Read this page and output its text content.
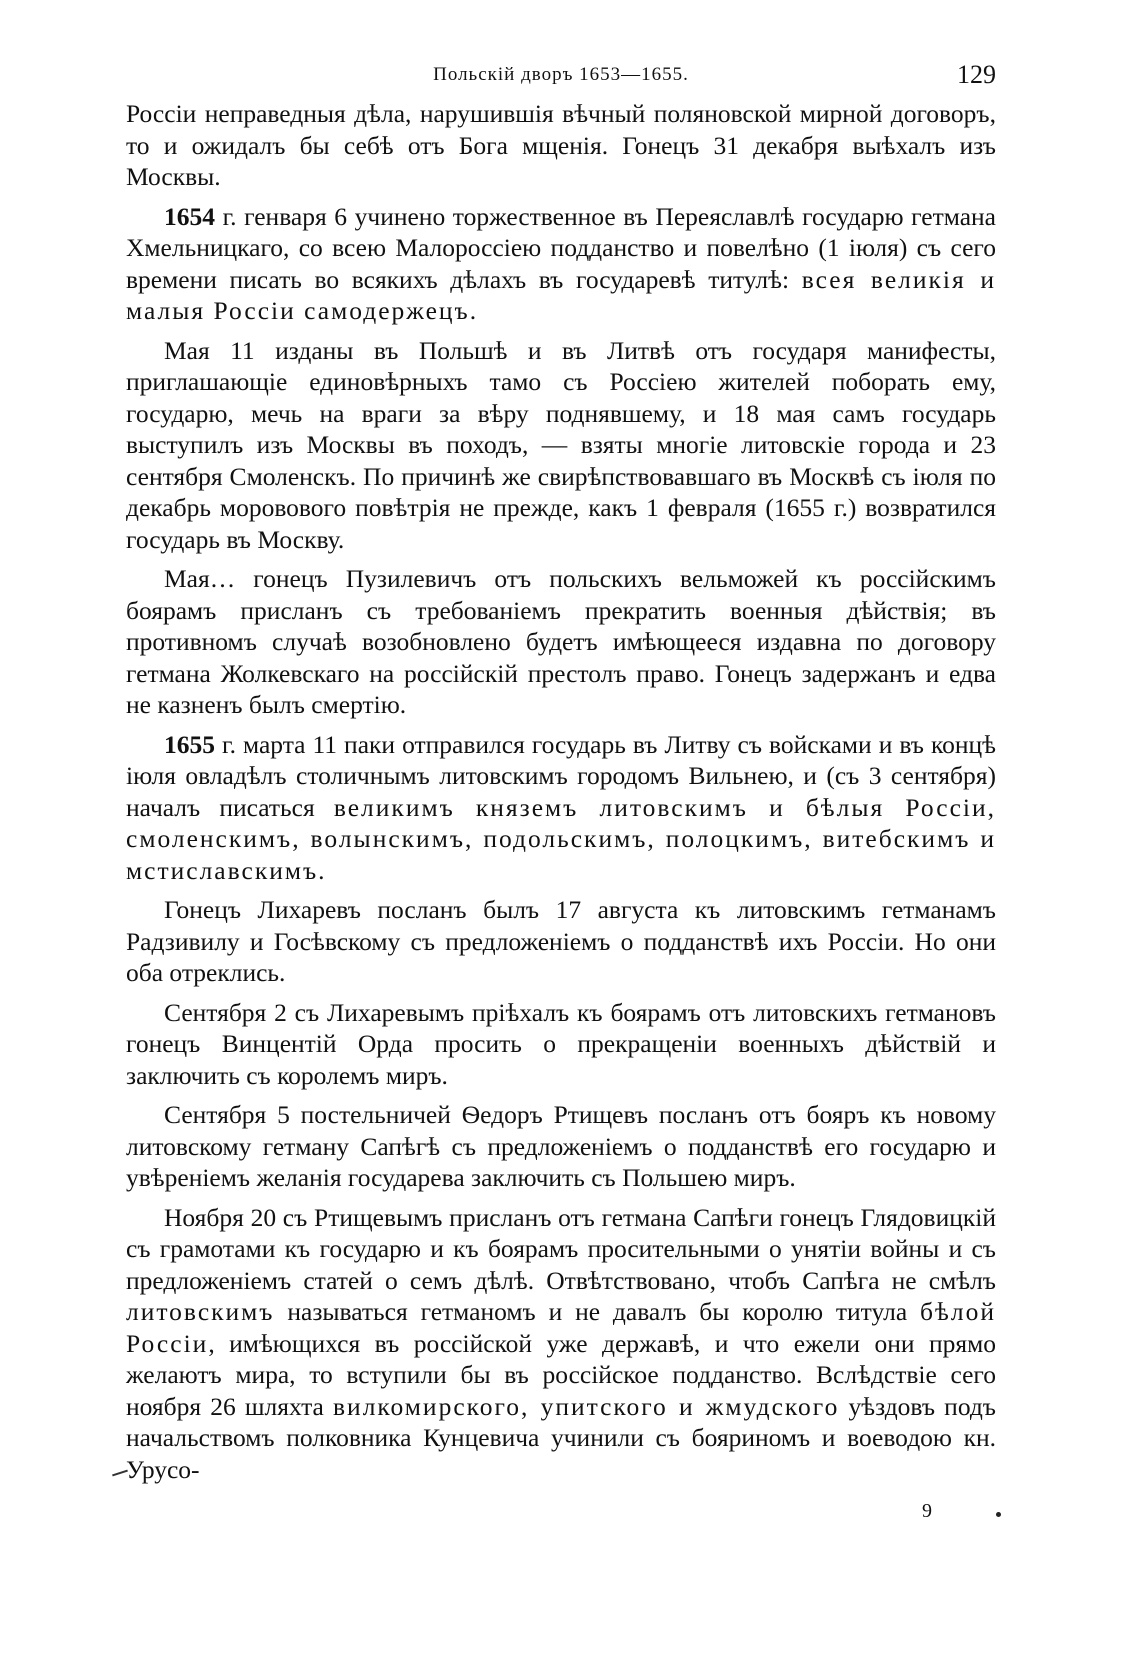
Польскій дворъ 1653—1655.	129

Россіи неправедныя дѣла, нарушившія вѣчный поляновской мирной договоръ, то и ожидалъ бы себѣ отъ Бога мщенія. Гонецъ 31 декабря выѣхалъ изъ Москвы.

1654 г. генваря 6 учинено торжественное въ Переяславлѣ государю гетмана Хмельницкаго, со всею Малороссіею подданство и повелѣно (1 іюля) съ сего времени писать во всякихъ дѣлахъ въ государевѣ титулѣ: всея великія и малыя Россіи самодержецъ.

Мая 11 изданы въ Польшѣ и въ Литвѣ отъ государя манифесты, приглашающіе единовѣрныхъ тамо съ Россіею жителей поборать ему, государю, мечь на враги за вѣру поднявшему, и 18 мая самъ государь выступилъ изъ Москвы въ походъ, — взяты многіе литовскіе города и 23 сентября Смоленскъ. По причинѣ же свирѣпствовавшаго въ Москвѣ съ іюля по декабрь моровового повѣтрія не прежде, какъ 1 февраля (1655 г.) возвратился государь въ Москву.

Мая… гонецъ Пузилевичъ отъ польскихъ вельможей къ россійскимъ боярамъ присланъ съ требованіемъ прекратить военныя дѣйствія; въ противномъ случаѣ возобновлено будетъ имѣющееся издавна по договору гетмана Жолкевскаго на россійскій престолъ право. Гонецъ задержанъ и едва не казненъ былъ смертію.

1655 г. марта 11 паки отправился государь въ Литву съ войсками и въ концѣ іюля овладѣлъ столичнымъ литовскимъ городомъ Вильнею, и (съ 3 сентября) началъ писаться великимъ княземъ литовскимъ и бѣлыя Россіи, смоленскимъ, волынскимъ, подольскимъ, полоцкимъ, витебскимъ и мстиславскимъ.

Гонецъ Лихаревъ посланъ былъ 17 августа къ литовскимъ гетманамъ Радзивилу и Госѣвскому съ предложеніемъ о подданствѣ ихъ Россіи. Но они оба отреклись.

Сентября 2 съ Лихаревымъ пріѣхалъ къ боярамъ отъ литовскихъ гетмановъ гонецъ Винцентій Орда просить о прекращеніи военныхъ дѣйствій и заключить съ королемъ миръ.

Сентября 5 постельничей Ѳедоръ Ртищевъ посланъ отъ бояръ къ новому литовскому гетману Сапѣгѣ съ предложеніемъ о подданствѣ его государю и увѣреніемъ желанія государева заключить съ Польшею миръ.

Ноября 20 съ Ртищевымъ присланъ отъ гетмана Сапѣги гонецъ Глядовицкій съ грамотами къ государю и къ боярамъ просительными о унятіи войны и съ предложеніемъ статей о семъ дѣлѣ. Отвѣтствовано, чтобъ Сапѣга не смѣлъ литовскимъ называться гетманомъ и не давалъ бы королю титула бѣлой Россіи, имѣющихся въ россійской уже державѣ, и что ежели они прямо желаютъ мира, то вступили бы въ россійское подданство. Вслѣдствіе сего ноября 26 шляхта вилкомирского, упитского и жмудского уѣздовъ подъ начальствомъ полковника Кунцевича учинили съ бояриномъ и воеводою кн. Урусо-

9
